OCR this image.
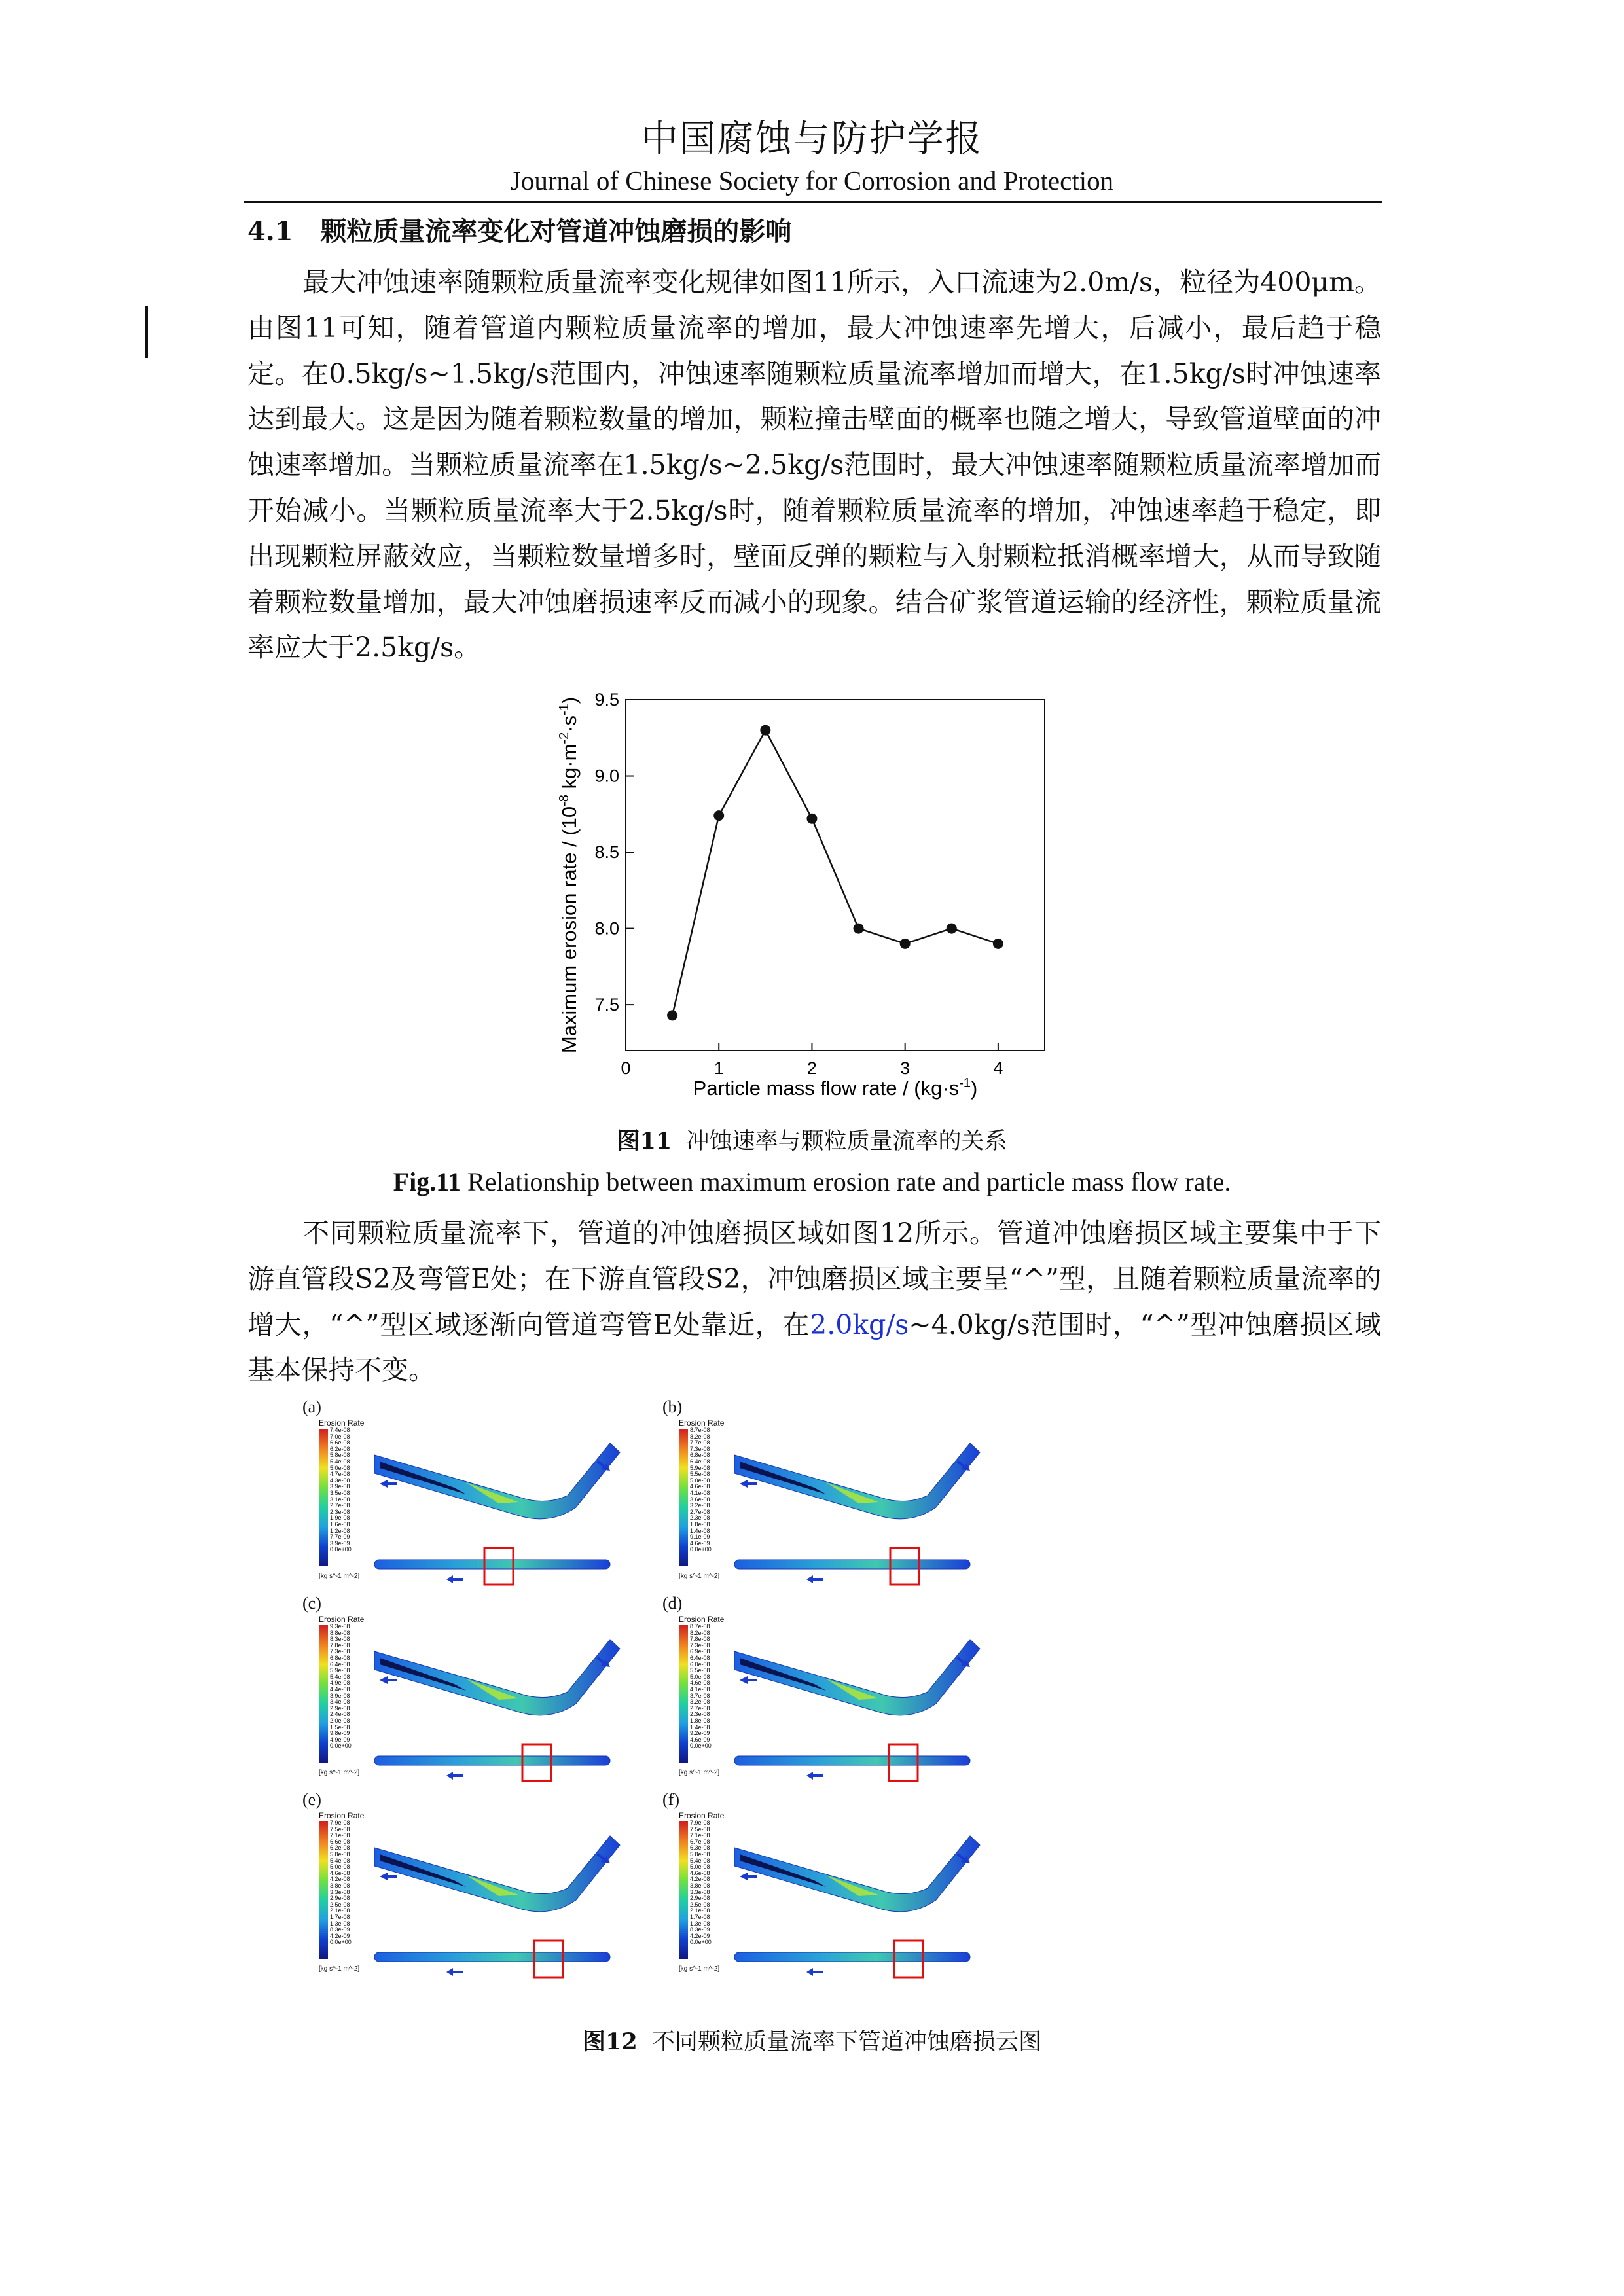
中国腐蚀与防护学报
Journal of Chinese Society for Corrosion and Protection
4.1 颗粒质量流率变化对管道冲蚀磨损的影响
最大冲蚀速率随颗粒质量流率变化规律如图11所示，入口流速为2.0m/s，粒径为400μm。由图11可知，随着管道内颗粒质量流率的增加，最大冲蚀速率先增大，后减小，最后趋于稳定。在0.5kg/s~1.5kg/s范围内，冲蚀速率随颗粒质量流率增加而增大，在1.5kg/s时冲蚀速率达到最大。这是因为随着颗粒数量的增加，颗粒撞击壁面的概率也随之增大，导致管道壁面的冲蚀速率增加。当颗粒质量流率在1.5kg/s~2.5kg/s范围时，最大冲蚀速率随颗粒质量流率增加而开始减小。当颗粒质量流率大于2.5kg/s时，随着颗粒质量流率的增加，冲蚀速率趋于稳定，即出现颗粒屏蔽效应，当颗粒数量增多时，壁面反弹的颗粒与入射颗粒抵消概率增大，从而导致随着颗粒数量增加，最大冲蚀磨损速率反而减小的现象。结合矿浆管道运输的经济性，颗粒质量流率应大于2.5kg/s。
0	1	2	3	4
7.5
8.0
8.5
9.0
9.5
Particle mass flow rate / $(kg\cdot s^{-1})$
Maximum erosion rate / ($10^{-8}$ $kg\cdot m^{-2}\cdot s^{-1}$)
图11 冲蚀速率与颗粒质量流率的关系
Fig.11 Relationship between maximum erosion rate and particle mass flow rate.
不同颗粒质量流率下，管道的冲蚀磨损区域如图12所示。管道冲蚀磨损区域主要集中于下游直管段S2及弯管E处；在下游直管段S2，冲蚀磨损区域主要呈“^”型，且随着颗粒质量流率的增大，“^”型区域逐渐向管道弯管E处靠近，在2.0kg/s~4.0kg/s范围时，“^”型冲蚀磨损区域基本保持不变。
(a)
Erosion Rate
7.4e-08
7.0e-08
6.6e-08
6.2e-08
5.8e-08
5.4e-08
5.0e-08
4.7e-08
4.3e-08
3.9e-08
3.5e-08
3.1e-08
2.7e-08
2.3e-08
1.9e-08
1.6e-08
1.2e-08
7.7e-09
3.9e-09
0.0e+00
[kg s^-1 m^-2]
(b)
Erosion Rate
8.7e-08
8.2e-08
7.7e-08
7.3e-08
6.8e-08
6.4e-08
5.9e-08
5.5e-08
5.0e-08
4.6e-08
4.1e-08
3.6e-08
3.2e-08
2.7e-08
2.3e-08
1.8e-08
1.4e-08
9.1e-09
4.6e-09
0.0e+00
[kg s^-1 m^-2]
(c)
Erosion Rate
9.3e-08
8.8e-08
8.3e-08
7.8e-08
7.3e-08
6.8e-08
6.4e-08
5.9e-08
5.4e-08
4.9e-08
4.4e-08
3.9e-08
3.4e-08
2.9e-08
2.4e-08
2.0e-08
1.5e-08
9.8e-09
4.9e-09
0.0e+00
[kg s^-1 m^-2]
(d)
Erosion Rate
8.7e-08
8.2e-08
7.8e-08
7.3e-08
6.9e-08
6.4e-08
6.0e-08
5.5e-08
5.0e-08
4.6e-08
4.1e-08
3.7e-08
3.2e-08
2.7e-08
2.3e-08
1.8e-08
1.4e-08
9.2e-09
4.6e-09
0.0e+00
[kg s^-1 m^-2]
(e)
Erosion Rate
7.9e-08
7.5e-08
7.1e-08
6.6e-08
6.2e-08
5.8e-08
5.4e-08
5.0e-08
4.6e-08
4.2e-08
3.8e-08
3.3e-08
2.9e-08
2.5e-08
2.1e-08
1.7e-08
1.3e-08
8.3e-09
4.2e-09
0.0e+00
[kg s^-1 m^-2]
(f)
Erosion Rate
7.9e-08
7.5e-08
7.1e-08
6.7e-08
6.3e-08
5.8e-08
5.4e-08
5.0e-08
4.6e-08
4.2e-08
3.8e-08
3.3e-08
2.9e-08
2.5e-08
2.1e-08
1.7e-08
1.3e-08
8.3e-09
4.2e-09
0.0e+00
[kg s^-1 m^-2]
图12 不同颗粒质量流率下管道冲蚀磨损云图
